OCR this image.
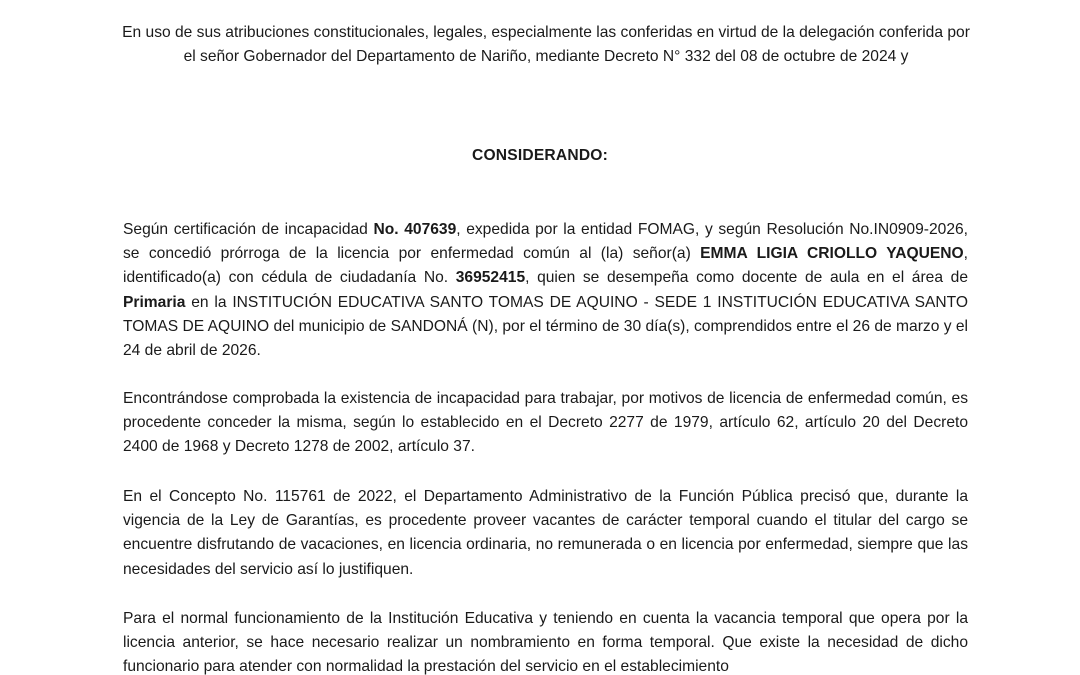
En uso de sus atribuciones constitucionales, legales, especialmente las conferidas en virtud de la delegación conferida por el señor Gobernador del Departamento de Nariño, mediante Decreto N° 332 del 08 de octubre de 2024 y

CONSIDERANDO:

Según certificación de incapacidad No. 407639, expedida por la entidad FOMAG, y según Resolución No.IN0909-2026, se concedió prórroga de la licencia por enfermedad común al (la) señor(a) EMMA LIGIA CRIOLLO YAQUENO, identificado(a) con cédula de ciudadanía No. 36952415, quien se desempeña como docente de aula en el área de Primaria en la INSTITUCIÓN EDUCATIVA SANTO TOMAS DE AQUINO - SEDE 1 INSTITUCIÓN EDUCATIVA SANTO TOMAS DE AQUINO del municipio de SANDONÁ (N), por el término de 30 día(s), comprendidos entre el 26 de marzo y el 24 de abril de 2026.

Encontrándose comprobada la existencia de incapacidad para trabajar, por motivos de licencia de enfermedad común, es procedente conceder la misma, según lo establecido en el Decreto 2277 de 1979, artículo 62, artículo 20 del Decreto 2400 de 1968 y Decreto 1278 de 2002, artículo 37.

En el Concepto No. 115761 de 2022, el Departamento Administrativo de la Función Pública precisó que, durante la vigencia de la Ley de Garantías, es procedente proveer vacantes de carácter temporal cuando el titular del cargo se encuentre disfrutando de vacaciones, en licencia ordinaria, no remunerada o en licencia por enfermedad, siempre que las necesidades del servicio así lo justifiquen.

Para el normal funcionamiento de la Institución Educativa y teniendo en cuenta la vacancia temporal que opera por la licencia anterior, se hace necesario realizar un nombramiento en forma temporal. Que existe la necesidad de dicho funcionario para atender con normalidad la prestación del servicio en el establecimiento
